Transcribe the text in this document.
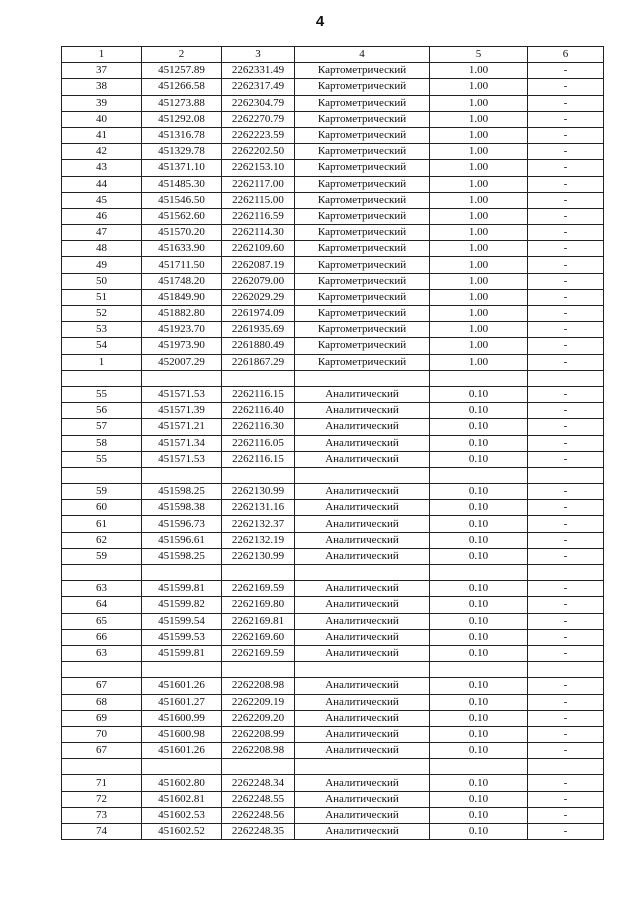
4
1	2	3	4	5	6
37	451257.89	2262331.49	Картометрический	1.00	-
38	451266.58	2262317.49	Картометрический	1.00	-
39	451273.88	2262304.79	Картометрический	1.00	-
40	451292.08	2262270.79	Картометрический	1.00	-
41	451316.78	2262223.59	Картометрический	1.00	-
42	451329.78	2262202.50	Картометрический	1.00	-
43	451371.10	2262153.10	Картометрический	1.00	-
44	451485.30	2262117.00	Картометрический	1.00	-
45	451546.50	2262115.00	Картометрический	1.00	-
46	451562.60	2262116.59	Картометрический	1.00	-
47	451570.20	2262114.30	Картометрический	1.00	-
48	451633.90	2262109.60	Картометрический	1.00	-
49	451711.50	2262087.19	Картометрический	1.00	-
50	451748.20	2262079.00	Картометрический	1.00	-
51	451849.90	2262029.29	Картометрический	1.00	-
52	451882.80	2261974.09	Картометрический	1.00	-
53	451923.70	2261935.69	Картометрический	1.00	-
54	451973.90	2261880.49	Картометрический	1.00	-
1	452007.29	2261867.29	Картометрический	1.00	-

55	451571.53	2262116.15	Аналитический	0.10	-
56	451571.39	2262116.40	Аналитический	0.10	-
57	451571.21	2262116.30	Аналитический	0.10	-
58	451571.34	2262116.05	Аналитический	0.10	-
55	451571.53	2262116.15	Аналитический	0.10	-

59	451598.25	2262130.99	Аналитический	0.10	-
60	451598.38	2262131.16	Аналитический	0.10	-
61	451596.73	2262132.37	Аналитический	0.10	-
62	451596.61	2262132.19	Аналитический	0.10	-
59	451598.25	2262130.99	Аналитический	0.10	-

63	451599.81	2262169.59	Аналитический	0.10	-
64	451599.82	2262169.80	Аналитический	0.10	-
65	451599.54	2262169.81	Аналитический	0.10	-
66	451599.53	2262169.60	Аналитический	0.10	-
63	451599.81	2262169.59	Аналитический	0.10	-

67	451601.26	2262208.98	Аналитический	0.10	-
68	451601.27	2262209.19	Аналитический	0.10	-
69	451600.99	2262209.20	Аналитический	0.10	-
70	451600.98	2262208.99	Аналитический	0.10	-
67	451601.26	2262208.98	Аналитический	0.10	-

71	451602.80	2262248.34	Аналитический	0.10	-
72	451602.81	2262248.55	Аналитический	0.10	-
73	451602.53	2262248.56	Аналитический	0.10	-
74	451602.52	2262248.35	Аналитический	0.10	-
